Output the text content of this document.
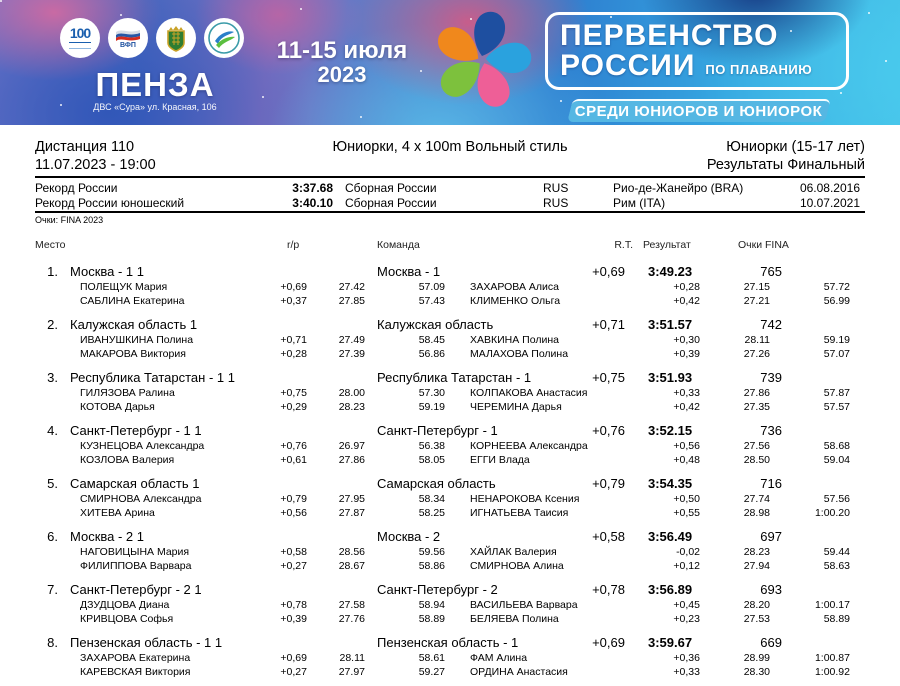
100
ВФП
ПЕНЗА
ДВС «Сура» ул. Красная, 106
11-15 июля
2023
ПЕРВЕНСТВО
РОССИИ ПО ПЛАВАНИЮ
СРЕДИ ЮНИОРОВ И ЮНИОРОК
Дистанция 110
11.07.2023 - 19:00
Юниорки, 4 x 100m Вольный стиль	Юниорки (15-17 лет)
Результаты Финальный
Рекорд России	3:37.68 Сборная России	RUS	Рио-де-Жанейро (BRA)	06.08.2016
Рекорд России юношеский	3:40.10 Сборная России	RUS	Рим (ITA)	10.07.2021
Очки: FINA 2023
Место	r/p	Команда	R.T. Результат	Очки FINA
1. Москва - 1 1	Москва - 1	+0,69 3:49.23	765
ПОЛЕЩУК Мария	+0,69	27.42	57.09 ЗАХАРОВА Алиса	+0,28	27.15	57.72
САБЛИНА Екатерина	+0,37	27.85	57.43 КЛИМЕНКО Ольга	+0,42	27.21	56.99
2. Калужская область 1	Калужская область	+0,71 3:51.57	742
ИВАНУШКИНА Полина	+0,71	27.49	58.45 ХАВКИНА Полина	+0,30	28.11	59.19
МАКАРОВА Виктория	+0,28	27.39	56.86 МАЛАХОВА Полина	+0,39	27.26	57.07
3. Республика Татарстан - 1 1	Республика Татарстан - 1	+0,75 3:51.93	739
ГИЛЯЗОВА Ралина	+0,75	28.00	57.30 КОЛПАКОВА Анастасия	+0,33	27.86	57.87
КОТОВА Дарья	+0,29	28.23	59.19 ЧЕРЕМИНА Дарья	+0,42	27.35	57.57
4. Санкт-Петербург - 1 1	Санкт-Петербург - 1	+0,76 3:52.15	736
КУЗНЕЦОВА Александра	+0,76	26.97	56.38 КОРНЕЕВА Александра	+0,56	27.56	58.68
КОЗЛОВА Валерия	+0,61	27.86	58.05 ЕГГИ Влада	+0,48	28.50	59.04
5. Самарская область 1	Самарская область	+0,79 3:54.35	716
СМИРНОВА Александра	+0,79	27.95	58.34 НЕНАРОКОВА Ксения	+0,50	27.74	57.56
ХИТЕВА Арина	+0,56	27.87	58.25 ИГНАТЬЕВА Таисия	+0,55	28.98	1:00.20
6. Москва - 2 1	Москва - 2	+0,58 3:56.49	697
НАГОВИЦЫНА Мария	+0,58	28.56	59.56 ХАЙЛАК Валерия	-0,02	28.23	59.44
ФИЛИППОВА Варвара	+0,27	28.67	58.86 СМИРНОВА Алина	+0,12	27.94	58.63
7. Санкт-Петербург - 2 1	Санкт-Петербург - 2	+0,78 3:56.89	693
ДЗУДЦОВА Диана	+0,78	27.58	58.94 ВАСИЛЬЕВА Варвара	+0,45	28.20	1:00.17
КРИВЦОВА Софья	+0,39	27.76	58.89 БЕЛЯЕВА Полина	+0,23	27.53	58.89
8. Пензенская область - 1 1	Пензенская область - 1	+0,69 3:59.67	669
ЗАХАРОВА Екатерина	+0,69	28.11	58.61 ФАМ Алина	+0,36	28.99	1:00.87
КАРЕВСКАЯ Виктория	+0,27	27.97	59.27 ОРДИНА Анастасия	+0,33	28.30	1:00.92
